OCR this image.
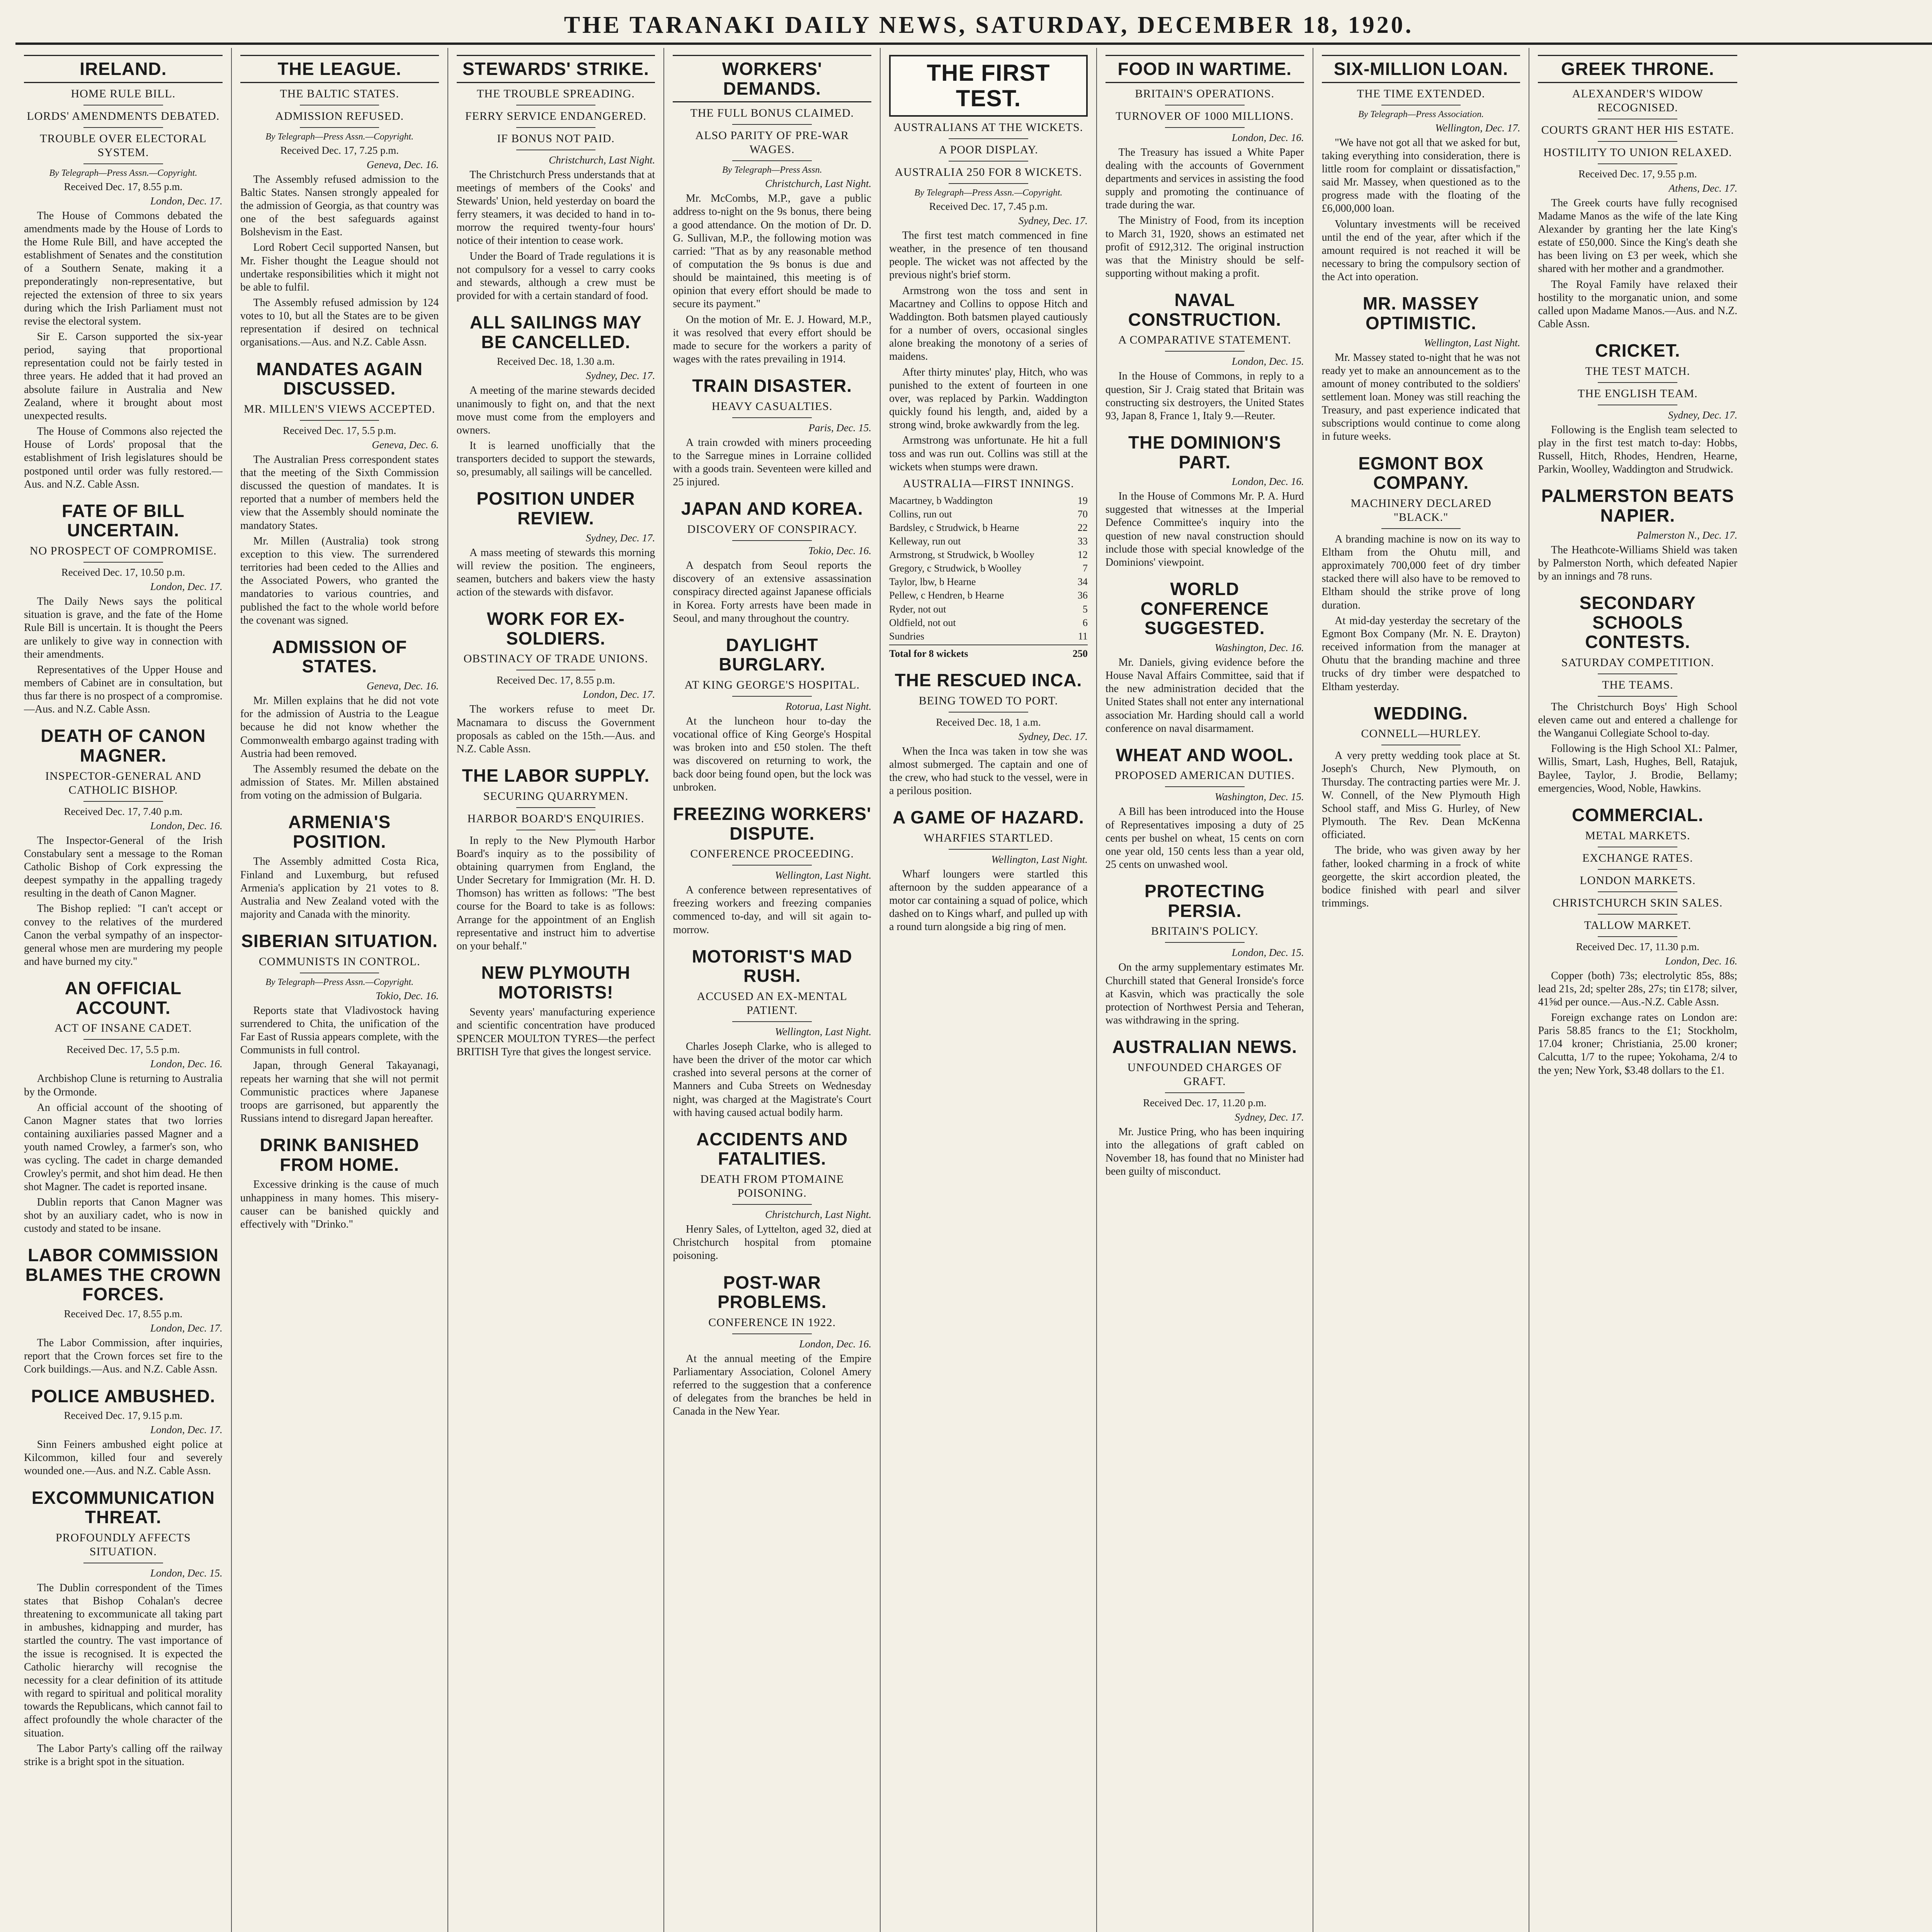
THE TARANAKI DAILY NEWS, SATURDAY, DECEMBER 18, 1920.
IRELAND.
HOME RULE BILL.
LORDS' AMENDMENTS DEBATED.
TROUBLE OVER ELECTORAL SYSTEM.
By Telegraph—Press Assn.—Copyright.
Received Dec. 17, 8.55 p.m.
London, Dec. 17.

The House of Commons debated the amendments made by the House of Lords to the Home Rule Bill, and have accepted the establishment of Senates and the constitution of a Southern Senate, making it a preponderatingly non-representative, but rejected the extension of three to six years during which the Irish Parliament must not revise the electoral system.

Sir E. Carson supported the six-year period, saying that proportional representation could not be fairly tested in three years. He added that it had proved an absolute failure in Australia and New Zealand, where it brought about most unexpected results.

The House of Commons also rejected the House of Lords' proposal that the establishment of Irish legislatures should be postponed until order was fully restored.—Aus. and N.Z. Cable Assn.

FATE OF BILL UNCERTAIN.
NO PROSPECT OF COMPROMISE.
Received Dec. 17, 10.50 p.m.
London, Dec. 17.

The Daily News says the political situation is grave, and the fate of the Home Rule Bill is uncertain. It is thought the Peers are unlikely to give way in connection with their amendments.

Representatives of the Upper House and members of Cabinet are in consultation, but thus far there is no prospect of a compromise.—Aus. and N.Z. Cable Assn.

DEATH OF CANON MAGNER.
INSPECTOR-GENERAL AND CATHOLIC BISHOP.
Received Dec. 17, 7.40 p.m.
London, Dec. 16.

The Inspector-General of the Irish Constabulary sent a message to the Roman Catholic Bishop of Cork expressing the deepest sympathy in the appalling tragedy resulting in the death of Canon Magner.

The Bishop replied: "I can't accept or convey to the relatives of the murdered Canon the verbal sympathy of an inspector-general whose men are murdering my people and have burned my city."

AN OFFICIAL ACCOUNT.
ACT OF INSANE CADET.
Received Dec. 17, 5.5 p.m.
London, Dec. 16.

Archbishop Clune is returning to Australia by the Ormonde.

An official account of the shooting of Canon Magner states that two lorries containing auxiliaries passed Magner and a youth named Crowley, a farmer's son, who was cycling. The cadet in charge demanded Crowley's permit, and shot him dead. He then shot Magner. The cadet is reported insane.

Dublin reports that Canon Magner was shot by an auxiliary cadet, who is now in custody and stated to be insane.

LABOR COMMISSION BLAMES THE CROWN FORCES.
Received Dec. 17, 8.55 p.m.
London, Dec. 17.

The Labor Commission, after inquiries, report that the Crown forces set fire to the Cork buildings.—Aus. and N.Z. Cable Assn.

POLICE AMBUSHED.
Received Dec. 17, 9.15 p.m.
London, Dec. 17.

Sinn Feiners ambushed eight police at Kilcommon, killed four and severely wounded one.—Aus. and N.Z. Cable Assn.

EXCOMMUNICATION THREAT.
PROFOUNDLY AFFECTS SITUATION.
London, Dec. 15.

The Dublin correspondent of the Times states that Bishop Cohalan's decree threatening to excommunicate all taking part in ambushes, kidnapping and murder, has startled the country. The vast importance of the issue is recognised. It is expected the Catholic hierarchy will recognise the necessity for a clear definition of its attitude with regard to spiritual and political morality towards the Republicans, which cannot fail to affect profoundly the whole character of the situation.

The Labor Party's calling off the railway strike is a bright spot in the situation.

THE LEAGUE.
THE BALTIC STATES.
ADMISSION REFUSED.
By Telegraph—Press Assn.—Copyright.
Received Dec. 17, 7.25 p.m.
Geneva, Dec. 16.

The Assembly refused admission to the Baltic States. Nansen strongly appealed for the admission of Georgia, as that country was one of the best safeguards against Bolshevism in the East.

Lord Robert Cecil supported Nansen, but Mr. Fisher thought the League should not undertake responsibilities which it might not be able to fulfil.

The Assembly refused admission by 124 votes to 10, but all the States are to be given representation if desired on technical organisations.—Aus. and N.Z. Cable Assn.

MANDATES AGAIN DISCUSSED.
MR. MILLEN'S VIEWS ACCEPTED.
Received Dec. 17, 5.5 p.m.
Geneva, Dec. 6.

The Australian Press correspondent states that the meeting of the Sixth Commission discussed the question of mandates. It is reported that a number of members held the view that the Assembly should nominate the mandatory States.

Mr. Millen (Australia) took strong exception to this view. The surrendered territories had been ceded to the Allies and the Associated Powers, who granted the mandatories to various countries, and published the fact to the whole world before the covenant was signed.

ADMISSION OF STATES.
Geneva, Dec. 16.

Mr. Millen explains that he did not vote for the admission of Austria to the League because he did not know whether the Commonwealth embargo against trading with Austria had been removed.

The Assembly resumed the debate on the admission of States. Mr. Millen abstained from voting on the admission of Bulgaria.

ARMENIA'S POSITION.

The Assembly admitted Costa Rica, Finland and Luxemburg, but refused Armenia's application by 21 votes to 8. Australia and New Zealand voted with the majority and Canada with the minority.

SIBERIAN SITUATION.
COMMUNISTS IN CONTROL.
By Telegraph—Press Assn.—Copyright.
Tokio, Dec. 16.

Reports state that Vladivostock having surrendered to Chita, the unification of the Far East of Russia appears complete, with the Communists in full control.

Japan, through General Takayanagi, repeats her warning that she will not permit Communistic practices where Japanese troops are garrisoned, but apparently the Russians intend to disregard Japan hereafter.

DRINK BANISHED FROM HOME.

Excessive drinking is the cause of much unhappiness in many homes. This misery-causer can be banished quickly and effectively with "Drinko."

STEWARDS' STRIKE.
THE TROUBLE SPREADING.
FERRY SERVICE ENDANGERED.
IF BONUS NOT PAID.
Christchurch, Last Night.

The Christchurch Press understands that at meetings of members of the Cooks' and Stewards' Union, held yesterday on board the ferry steamers, it was decided to hand in to-morrow the required twenty-four hours' notice of their intention to cease work.

Under the Board of Trade regulations it is not compulsory for a vessel to carry cooks and stewards, although a crew must be provided for with a certain standard of food.

ALL SAILINGS MAY BE CANCELLED.
Received Dec. 18, 1.30 a.m.
Sydney, Dec. 17.

A meeting of the marine stewards decided unanimously to fight on, and that the next move must come from the employers and owners.

It is learned unofficially that the transporters decided to support the stewards, so, presumably, all sailings will be cancelled.

POSITION UNDER REVIEW.
Sydney, Dec. 17.

A mass meeting of stewards this morning will review the position. The engineers, seamen, butchers and bakers view the hasty action of the stewards with disfavor.

WORK FOR EX-SOLDIERS.
OBSTINACY OF TRADE UNIONS.
Received Dec. 17, 8.55 p.m.
London, Dec. 17.

The workers refuse to meet Dr. Macnamara to discuss the Government proposals as cabled on the 15th.—Aus. and N.Z. Cable Assn.

THE LABOR SUPPLY.
SECURING QUARRYMEN.
HARBOR BOARD'S ENQUIRIES.

In reply to the New Plymouth Harbor Board's inquiry as to the possibility of obtaining quarrymen from England, the Under Secretary for Immigration (Mr. H. D. Thomson) has written as follows: "The best course for the Board to take is as follows: Arrange for the appointment of an English representative and instruct him to advertise on your behalf."

NEW PLYMOUTH MOTORISTS!

Seventy years' manufacturing experience and scientific concentration have produced SPENCER MOULTON TYRES—the perfect BRITISH Tyre that gives the longest service.

WORKERS' DEMANDS.
THE FULL BONUS CLAIMED.
ALSO PARITY OF PRE-WAR WAGES.
By Telegraph—Press Assn.
Christchurch, Last Night.

Mr. McCombs, M.P., gave a public address to-night on the 9s bonus, there being a good attendance. On the motion of Dr. D. G. Sullivan, M.P., the following motion was carried: "That as by any reasonable method of computation the 9s bonus is due and should be maintained, this meeting is of opinion that every effort should be made to secure its payment."

On the motion of Mr. E. J. Howard, M.P., it was resolved that every effort should be made to secure for the workers a parity of wages with the rates prevailing in 1914.

TRAIN DISASTER.
HEAVY CASUALTIES.
Paris, Dec. 15.

A train crowded with miners proceeding to the Sarregue mines in Lorraine collided with a goods train. Seventeen were killed and 25 injured.

JAPAN AND KOREA.
DISCOVERY OF CONSPIRACY.
Tokio, Dec. 16.

A despatch from Seoul reports the discovery of an extensive assassination conspiracy directed against Japanese officials in Korea. Forty arrests have been made in Seoul, and many throughout the country.

DAYLIGHT BURGLARY.
AT KING GEORGE'S HOSPITAL.
Rotorua, Last Night.

At the luncheon hour to-day the vocational office of King George's Hospital was broken into and £50 stolen. The theft was discovered on returning to work, the back door being found open, but the lock was unbroken.

FREEZING WORKERS' DISPUTE.
CONFERENCE PROCEEDING.
Wellington, Last Night.

A conference between representatives of freezing workers and freezing companies commenced to-day, and will sit again to-morrow.

MOTORIST'S MAD RUSH.
ACCUSED AN EX-MENTAL PATIENT.
Wellington, Last Night.

Charles Joseph Clarke, who is alleged to have been the driver of the motor car which crashed into several persons at the corner of Manners and Cuba Streets on Wednesday night, was charged at the Magistrate's Court with having caused actual bodily harm.

ACCIDENTS AND FATALITIES.
DEATH FROM PTOMAINE POISONING.
Christchurch, Last Night.

Henry Sales, of Lyttelton, aged 32, died at Christchurch hospital from ptomaine poisoning.

POST-WAR PROBLEMS.
CONFERENCE IN 1922.
London, Dec. 16.

At the annual meeting of the Empire Parliamentary Association, Colonel Amery referred to the suggestion that a conference of delegates from the branches be held in Canada in the New Year.

THE FIRST TEST.
AUSTRALIANS AT THE WICKETS.
A POOR DISPLAY.
AUSTRALIA 250 FOR 8 WICKETS.
By Telegraph—Press Assn.—Copyright.
Received Dec. 17, 7.45 p.m.
Sydney, Dec. 17.

The first test match commenced in fine weather, in the presence of ten thousand people. The wicket was not affected by the previous night's brief storm.

Armstrong won the toss and sent in Macartney and Collins to oppose Hitch and Waddington. Both batsmen played cautiously for a number of overs, occasional singles alone breaking the monotony of a series of maidens.

After thirty minutes' play, Hitch, who was punished to the extent of fourteen in one over, was replaced by Parkin. Waddington quickly found his length, and, aided by a strong wind, broke awkwardly from the leg.

Armstrong was unfortunate. He hit a full toss and was run out. Collins was still at the wickets when stumps were drawn.

AUSTRALIA—FIRST INNINGS.
Macartney, b Waddington	19
Collins, run out	70
Bardsley, c Strudwick, b Hearne	22
Kelleway, run out	33
Armstrong, st Strudwick, b Woolley	12
Gregory, c Strudwick, b Woolley	7
Taylor, lbw, b Hearne	34
Pellew, c Hendren, b Hearne	36
Ryder, not out	5
Oldfield, not out	6
Sundries	11
Total for 8 wickets	250
THE RESCUED INCA.
BEING TOWED TO PORT.
Received Dec. 18, 1 a.m.
Sydney, Dec. 17.

When the Inca was taken in tow she was almost submerged. The captain and one of the crew, who had stuck to the vessel, were in a perilous position.

A GAME OF HAZARD.
WHARFIES STARTLED.
Wellington, Last Night.

Wharf loungers were startled this afternoon by the sudden appearance of a motor car containing a squad of police, which dashed on to Kings wharf, and pulled up with a round turn alongside a big ring of men.

FOOD IN WARTIME.
BRITAIN'S OPERATIONS.
TURNOVER OF 1000 MILLIONS.
London, Dec. 16.

The Treasury has issued a White Paper dealing with the accounts of Government departments and services in assisting the food supply and promoting the continuance of trade during the war.

The Ministry of Food, from its inception to March 31, 1920, shows an estimated net profit of £912,312. The original instruction was that the Ministry should be self-supporting without making a profit.

NAVAL CONSTRUCTION.
A COMPARATIVE STATEMENT.
London, Dec. 15.

In the House of Commons, in reply to a question, Sir J. Craig stated that Britain was constructing six destroyers, the United States 93, Japan 8, France 1, Italy 9.—Reuter.

THE DOMINION'S PART.
London, Dec. 16.

In the House of Commons Mr. P. A. Hurd suggested that witnesses at the Imperial Defence Committee's inquiry into the question of new naval construction should include those with special knowledge of the Dominions' viewpoint.

WORLD CONFERENCE SUGGESTED.
Washington, Dec. 16.

Mr. Daniels, giving evidence before the House Naval Affairs Committee, said that if the new administration decided that the United States shall not enter any international association Mr. Harding should call a world conference on naval disarmament.

WHEAT AND WOOL.
PROPOSED AMERICAN DUTIES.
Washington, Dec. 15.

A Bill has been introduced into the House of Representatives imposing a duty of 25 cents per bushel on wheat, 15 cents on corn one year old, 150 cents less than a year old, 25 cents on unwashed wool.

PROTECTING PERSIA.
BRITAIN'S POLICY.
London, Dec. 15.

On the army supplementary estimates Mr. Churchill stated that General Ironside's force at Kasvin, which was practically the sole protection of Northwest Persia and Teheran, was withdrawing in the spring.

AUSTRALIAN NEWS.
UNFOUNDED CHARGES OF GRAFT.
Received Dec. 17, 11.20 p.m.
Sydney, Dec. 17.

Mr. Justice Pring, who has been inquiring into the allegations of graft cabled on November 18, has found that no Minister had been guilty of misconduct.

SIX-MILLION LOAN.
THE TIME EXTENDED.
By Telegraph—Press Association.
Wellington, Dec. 17.

"We have not got all that we asked for but, taking everything into consideration, there is little room for complaint or dissatisfaction," said Mr. Massey, when questioned as to the progress made with the floating of the £6,000,000 loan.

Voluntary investments will be received until the end of the year, after which if the amount required is not reached it will be necessary to bring the compulsory section of the Act into operation.

MR. MASSEY OPTIMISTIC.
Wellington, Last Night.

Mr. Massey stated to-night that he was not ready yet to make an announcement as to the amount of money contributed to the soldiers' settlement loan. Money was still reaching the Treasury, and past experience indicated that subscriptions would continue to come along in future weeks.

EGMONT BOX COMPANY.
MACHINERY DECLARED "BLACK."

A branding machine is now on its way to Eltham from the Ohutu mill, and approximately 700,000 feet of dry timber stacked there will also have to be removed to Eltham should the strike prove of long duration.

At mid-day yesterday the secretary of the Egmont Box Company (Mr. N. E. Drayton) received information from the manager at Ohutu that the branding machine and three trucks of dry timber were despatched to Eltham yesterday.

WEDDING.
CONNELL—HURLEY.

A very pretty wedding took place at St. Joseph's Church, New Plymouth, on Thursday. The contracting parties were Mr. J. W. Connell, of the New Plymouth High School staff, and Miss G. Hurley, of New Plymouth. The Rev. Dean McKenna officiated.

The bride, who was given away by her father, looked charming in a frock of white georgette, the skirt accordion pleated, the bodice finished with pearl and silver trimmings.

GREEK THRONE.
ALEXANDER'S WIDOW RECOGNISED.
COURTS GRANT HER HIS ESTATE.
HOSTILITY TO UNION RELAXED.
Received Dec. 17, 9.55 p.m.
Athens, Dec. 17.

The Greek courts have fully recognised Madame Manos as the wife of the late King Alexander by granting her the late King's estate of £50,000. Since the King's death she has been living on £3 per week, which she shared with her mother and a grandmother.

The Royal Family have relaxed their hostility to the morganatic union, and some called upon Madame Manos.—Aus. and N.Z. Cable Assn.

CRICKET.
THE TEST MATCH.
THE ENGLISH TEAM.
Sydney, Dec. 17.

Following is the English team selected to play in the first test match to-day: Hobbs, Russell, Hitch, Rhodes, Hendren, Hearne, Parkin, Woolley, Waddington and Strudwick.

PALMERSTON BEATS NAPIER.
Palmerston N., Dec. 17.

The Heathcote-Williams Shield was taken by Palmerston North, which defeated Napier by an innings and 78 runs.

SECONDARY SCHOOLS CONTESTS.
SATURDAY COMPETITION.
THE TEAMS.

The Christchurch Boys' High School eleven came out and entered a challenge for the Wanganui Collegiate School to-day.

Following is the High School XI.: Palmer, Willis, Smart, Lash, Hughes, Bell, Ratajuk, Baylee, Taylor, J. Brodie, Bellamy; emergencies, Wood, Noble, Hawkins.

COMMERCIAL.
METAL MARKETS.
EXCHANGE RATES.
LONDON MARKETS.
CHRISTCHURCH SKIN SALES.
TALLOW MARKET.
Received Dec. 17, 11.30 p.m.
London, Dec. 16.

Copper (both) 73s; electrolytic 85s, 88s; lead 21s, 2d; spelter 28s, 27s; tin £178; silver, 41⅝d per ounce.—Aus.-N.Z. Cable Assn.

Foreign exchange rates on London are: Paris 58.85 francs to the £1; Stockholm, 17.04 kroner; Christiania, 25.00 kroner; Calcutta, 1/7 to the rupee; Yokohama, 2/4 to the yen; New York, $3.48 dollars to the £1.
